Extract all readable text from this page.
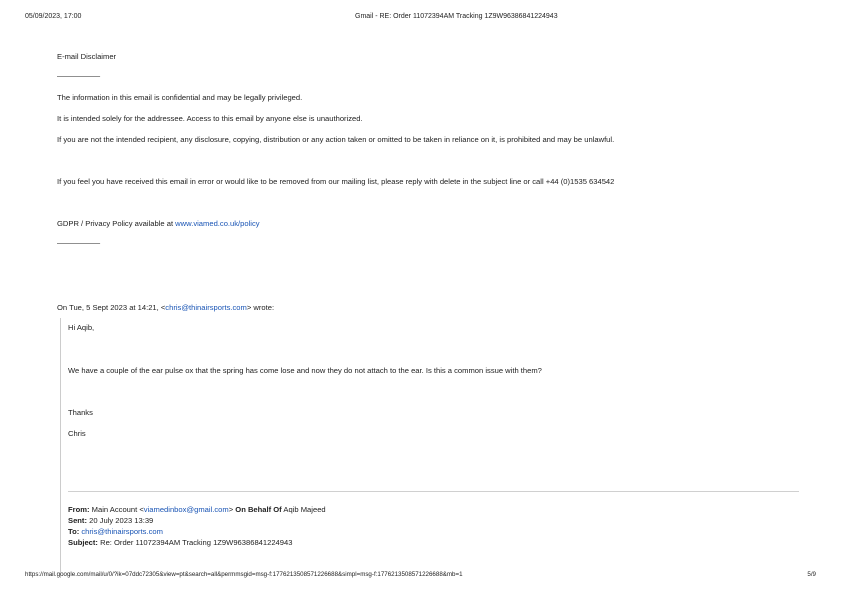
05/09/2023, 17:00	Gmail - RE: Order 11072394AM Tracking 1Z9W96386841224943
E-mail Disclaimer
——————
The information in this email is confidential and may be legally privileged.
It is intended solely for the addressee. Access to this email by anyone else is unauthorized.
If you are not the intended recipient, any disclosure, copying, distribution or any action taken or omitted to be taken in reliance on it, is prohibited and may be unlawful.
If you feel you have received this email in error or would like to be removed from our mailing list, please reply with delete in the subject line or call +44 (0)1535 634542
GDPR / Privacy Policy available at www.viamed.co.uk/policy
——————
On Tue, 5 Sept 2023 at 14:21, <chris@thinairsports.com> wrote:
Hi Aqib,
We have a couple of the ear pulse ox that the spring has come lose and now they do not attach to the ear. Is this a common issue with them?
Thanks
Chris
From: Main Account <viamedinbox@gmail.com> On Behalf Of Aqib Majeed
Sent: 20 July 2023 13:39
To: chris@thinairsports.com
Subject: Re: Order 11072394AM Tracking 1Z9W96386841224943
https://mail.google.com/mail/u/0/?ik=07ddc72305&view=pt&search=all&permmsgid=msg-f:1776213508571226688&simpl=msg-f:1776213508571226688&mb=1	5/9
